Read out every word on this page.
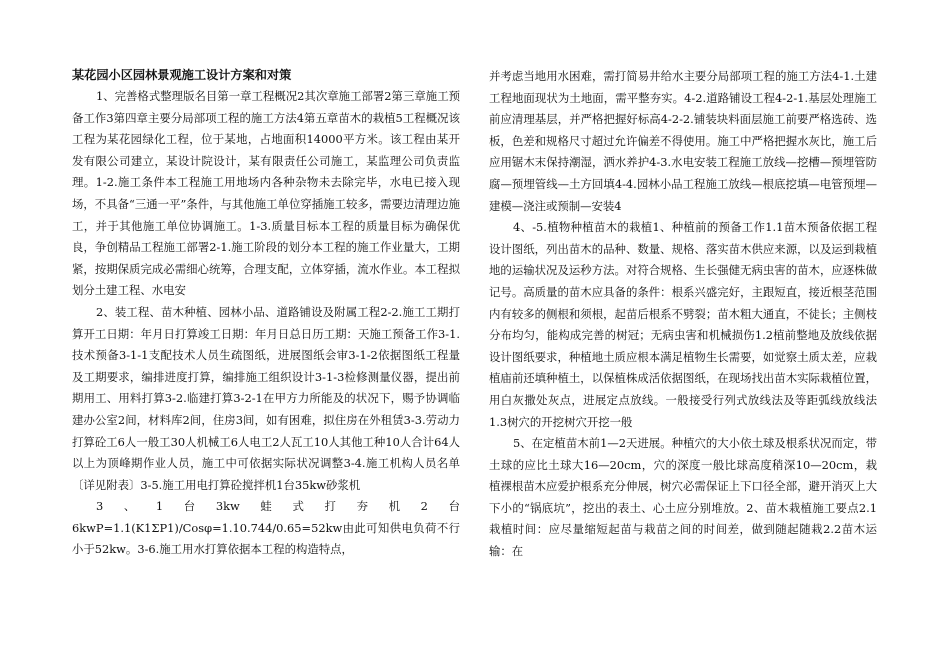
某花园小区园林景观施工设计方案和对策

1、完善格式整理版名目第一章工程概况2其次章施工部署2第三章施工预备工作3第四章主要分局部项工程的施工方法4第五章苗木的栽植5工程概况该工程为某花园绿化工程，位于某地，占地面积14000平方米。该工程由某开发有限公司建立，某设计院设计，某有限责任公司施工，某监理公司负责监理。1-2.施工条件本工程施工用地场内各种杂物未去除完毕，水电已接入现场，不具备“三通一平”条件，与其他施工单位穿插施工较多，需要边清理边施工，并于其他施工单位协调施工。1-3.质量目标本工程的质量目标为确保优良，争创精品工程施工部署2-1.施工阶段的划分本工程的施工作业量大，工期紧，按期保质完成必需细心统筹，合理支配，立体穿插，流水作业。本工程拟划分土建工程、水电安

2、装工程、苗木种植、园林小品、道路铺设及附属工程2-2.施工工期打算开工日期：年月日打算竣工日期：年月日总日历工期：天施工预备工作3-1.技术预备3-1-1支配技术人员生疏图纸，进展图纸会审3-1-2依据图纸工程量及工期要求，编排进度打算，编排施工组织设计3-1-3检修测量仪器，提出前期用工、用料打算3-2.临建打算3-2-1在甲方力所能及的状况下，赐予协调临建办公室2间，材料库2间，住房3间，如有困难，拟住房在外租赁3-3.劳动力打算砼工6人一般工30人机械工6人电工2人瓦工10人其他工种10人合计64人以上为顶峰期作业人员，施工中可依据实际状况调整3-4.施工机构人员名单〔详见附表〕3-5.施工用电打算砼搅拌机1台35kw砂浆机

3、1台3kw蛙式打夯机2台6kwP=1.1(K1ΣP1)/Cosφ=1.10.744/0.65=52kw由此可知供电负荷不行小于52kw。3-6.施工用水打算依据本工程的构造特点，

并考虑当地用水困难，需打简易井给水主要分局部项工程的施工方法4-1.土建工程地面现状为土地面，需平整夯实。4-2.道路铺设工程4-2-1.基层处理施工前应清理基层，并严格把握好标高4-2-2.铺装块料面层施工前要严格选砖、选板，色差和规格尺寸超过允许偏差不得使用。施工中严格把握水灰比，施工后应用锯木末保持潮湿，洒水养护4-3.水电安装工程施工放线—挖槽—预埋管防腐—预埋管线—土方回填4-4.园林小品工程施工放线—根底挖填—电管预埋—建模—浇注或预制—安装4

4、-5.植物种植苗木的栽植1、种植前的预备工作1.1苗木预备依据工程设计图纸，列出苗木的品种、数量、规格、落实苗木供应来源，以及运到栽植地的运输状况及运秒方法。对符合规格、生长强健无病虫害的苗木，应逐株做记号。高质量的苗木应具备的条件：根系兴盛完好，主跟短直，接近根茎范围内有较多的侧根和须根，起苗后根系不劈裂；苗木粗大通直，不徒长；主侧枝分布均匀，能构成完善的树冠；无病虫害和机械损伤1.2植前整地及放线依据设计图纸要求，种植地土质应根本满足植物生长需要，如觉察土质太差，应栽植庙前还填种植土，以保植株成活依据图纸，在现场找出苗木实际栽植位置，用白灰撒处灰点，进展定点放线。一般接受行列式放线法及等距弧线放线法1.3树穴的开挖树穴开挖一般

5、在定植苗木前1—2天进展。种植穴的大小依土球及根系状况而定，带土球的应比土球大16—20cm，穴的深度一般比球高度稍深10—20cm，栽植裸根苗木应爱护根系充分伸展，树穴必需保证上下口径全部，避开消灭上大下小的“锅底坑”，挖出的表土、心土应分别堆放。2、苗木栽植施工要点2.1栽植时间：应尽量缩短起苗与栽苗之间的时间差，做到随起随栽2.2苗木运输：在
